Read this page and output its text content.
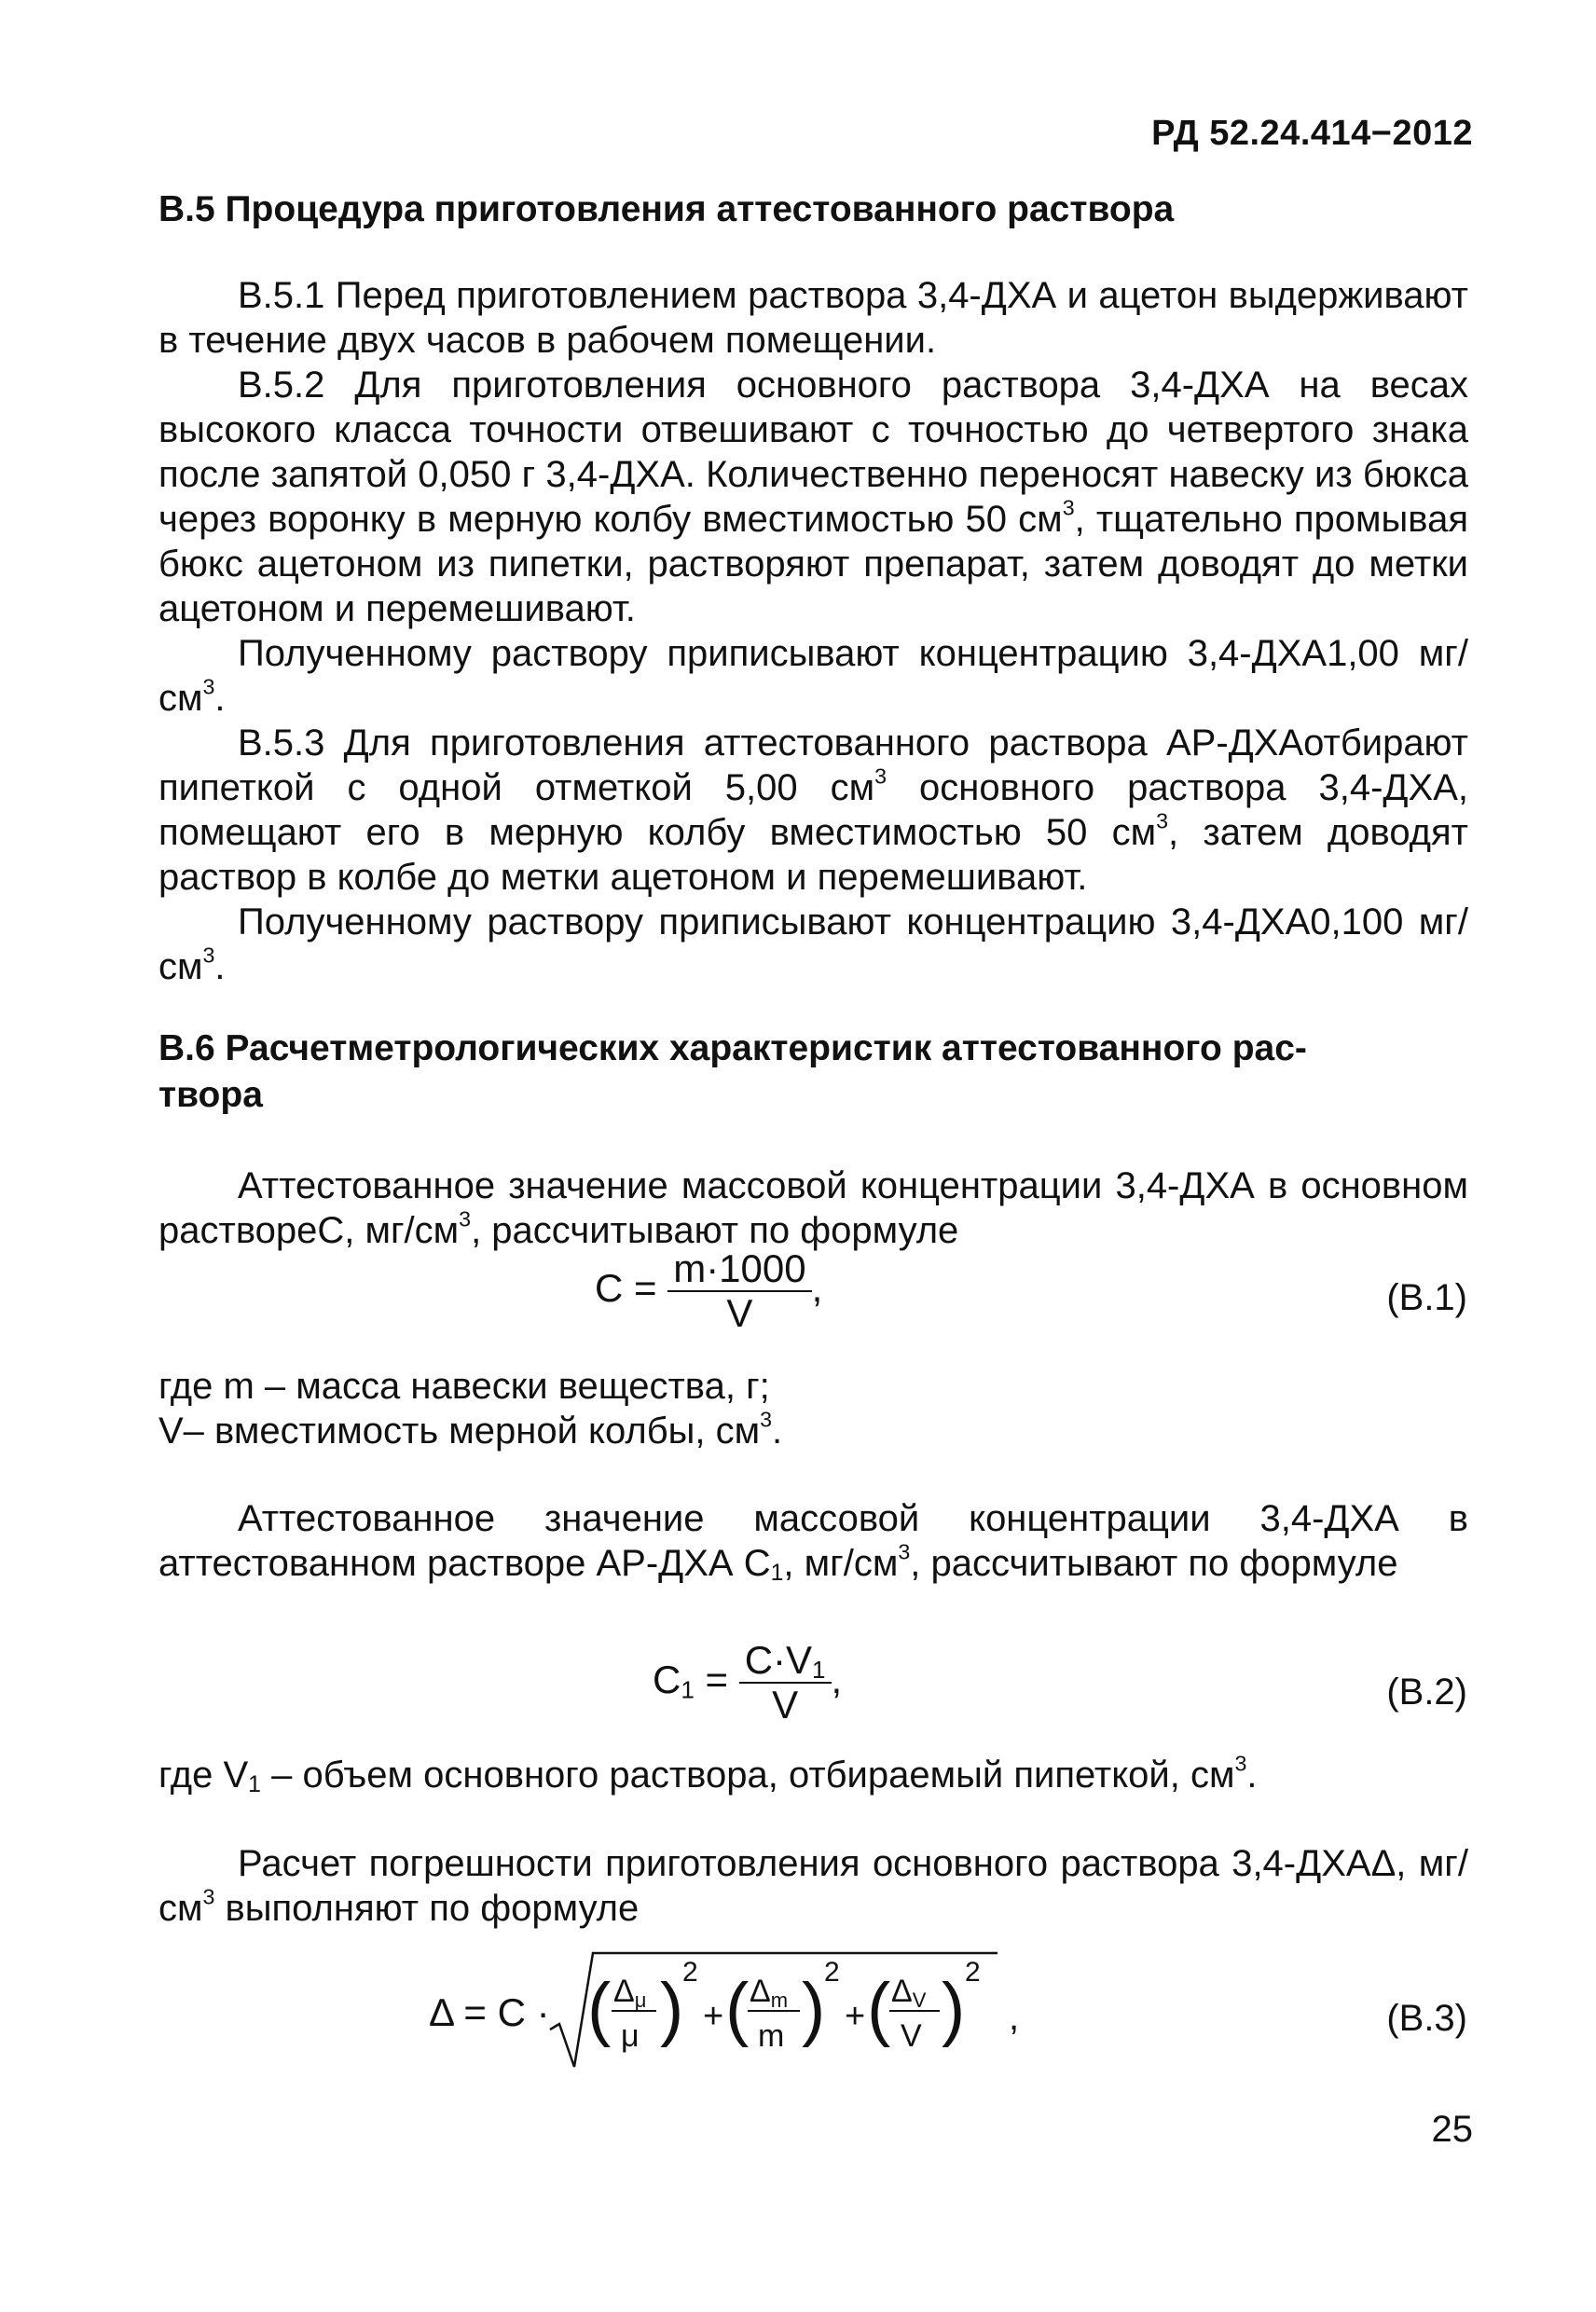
РД 52.24.414−2012
В.5 Процедура приготовления аттестованного раствора

В.5.1 Перед приготовлением раствора 3,4-ДХА и ацетон выдерживают в течение двух часов в рабочем помещении.

В.5.2 Для приготовления основного раствора 3,4-ДХА на весах высокого класса точности отвешивают с точностью до четвертого знака после запятой 0,050 г 3,4-ДХА. Количественно переносят навеску из бюкса через воронку в мерную колбу вместимостью 50 $см^3$, тщательно промывая бюкс ацетоном из пипетки, растворяют препарат, затем доводят до метки ацетоном и перемешивают.

Полученному раствору приписывают концентрацию 3,4-ДХА1,00 $мг/см^3$.

В.5.3 Для приготовления аттестованного раствора АР-ДХАотбирают пипеткой с одной отметкой 5,00 $см^3$ основного раствора 3,4-ДХА, помещают его в мерную колбу вместимостью 50 $см^3$, затем доводят раствор в колбе до метки ацетоном и перемешивают.

Полученному раствору приписывают концентрацию 3,4-ДХА0,100 $мг/см^3$.

В.6 Расчетметрологических характеристик аттестованного рас-
твора

Аттестованное значение массовой концентрации 3,4-ДХА в основном раствореС, $мг/см^3$, рассчитывают по формуле

$C = \frac{m\cdot 1000}{V}$ ,	(В.1)

где m – масса навески вещества, г;

V– вместимость мерной колбы, $см^3$.

Аттестованное значение массовой концентрации 3,4-ДХА в аттестованном растворе АР-ДХА $С_1$, $мг/см^3$, рассчитывают по формуле

$C_1 = \frac{C\cdot V_1}{V}$ ,	(В.2)

где $V_1$ – объем основного раствора, отбираемый пипеткой, $см^3$.

Расчет погрешности приготовления основного раствора 3,4-ДХАΔ, $мг/см^3$ выполняют по формуле

Δ = C · ( Δμ
μ )
2
+ ( Δm
m )
2
+ ( ΔV
V ) 2
,	(В.3)
25
